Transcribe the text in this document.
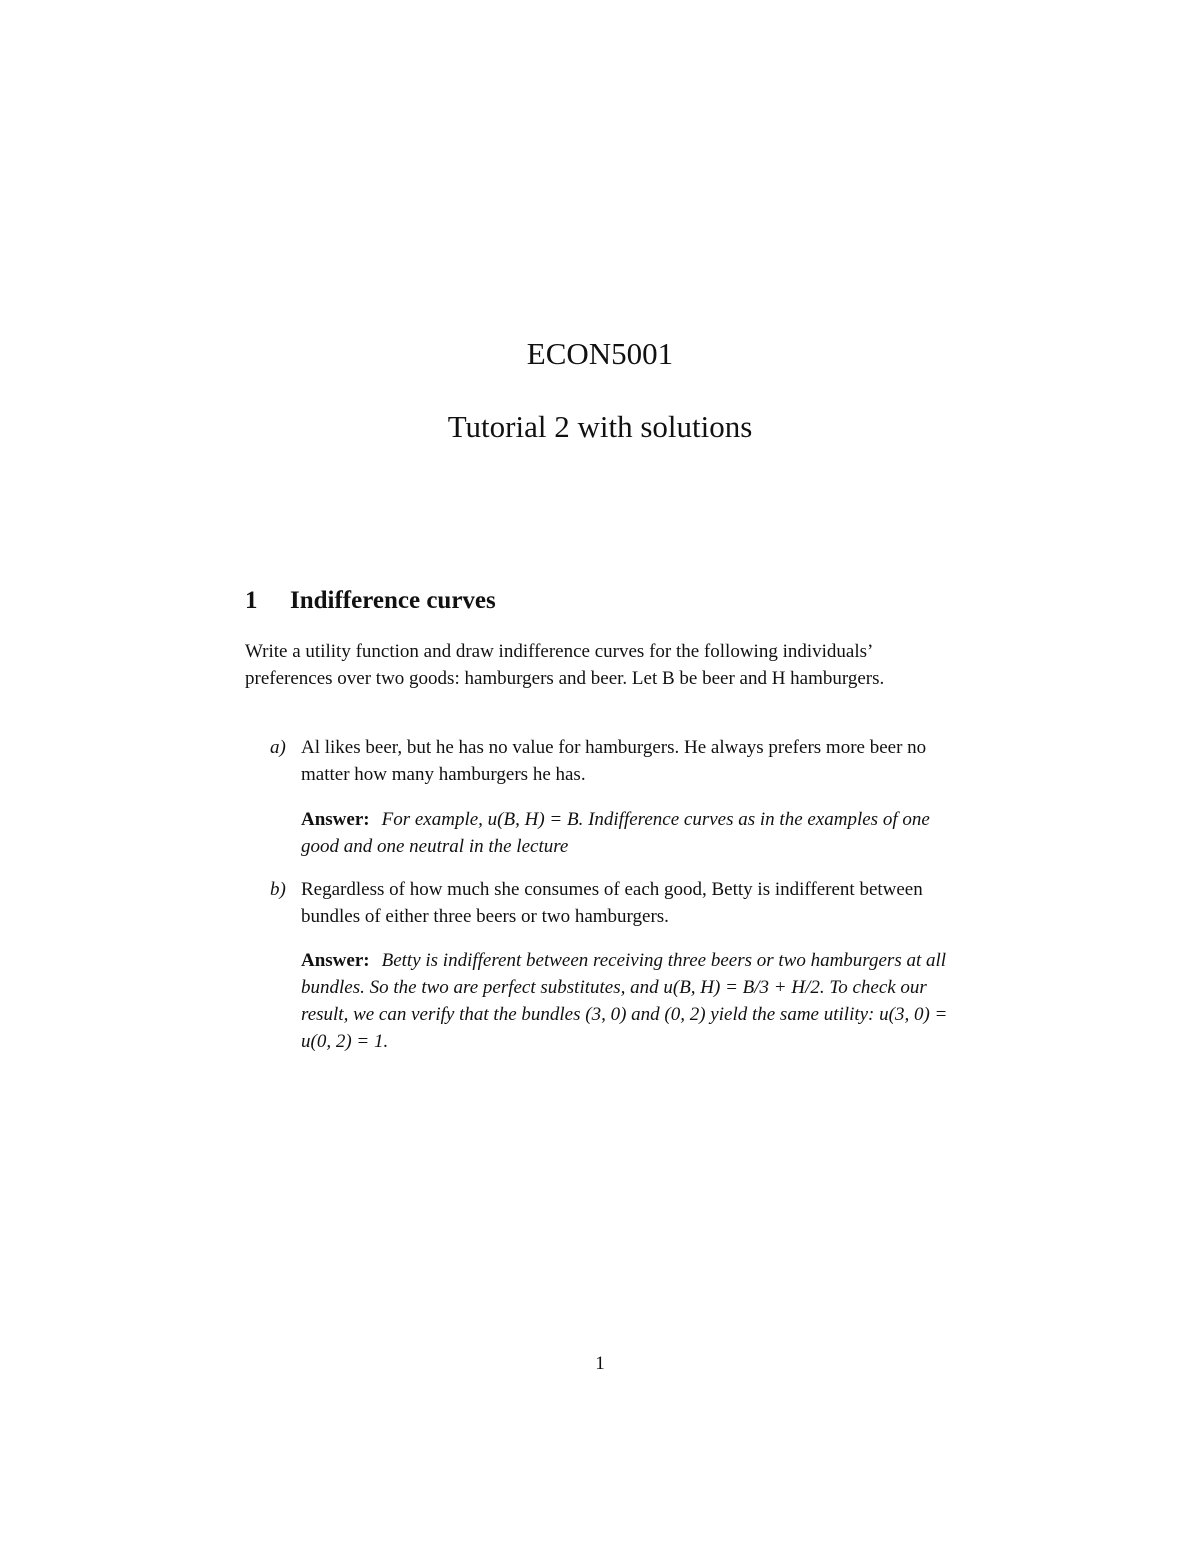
ECON5001
Tutorial 2 with solutions
1 Indifference curves
Write a utility function and draw indifference curves for the following individuals’ preferences over two goods: hamburgers and beer. Let B be beer and H hamburgers.
a) Al likes beer, but he has no value for hamburgers. He always prefers more beer no matter how many hamburgers he has.
Answer: For example, u(B, H) = B. Indifference curves as in the examples of one good and one neutral in the lecture
b) Regardless of how much she consumes of each good, Betty is indifferent between bundles of either three beers or two hamburgers.
Answer: Betty is indifferent between receiving three beers or two hamburgers at all bundles. So the two are perfect substitutes, and u(B, H) = B/3 + H/2. To check our result, we can verify that the bundles (3, 0) and (0, 2) yield the same utility: u(3, 0) = u(0, 2) = 1.
1
